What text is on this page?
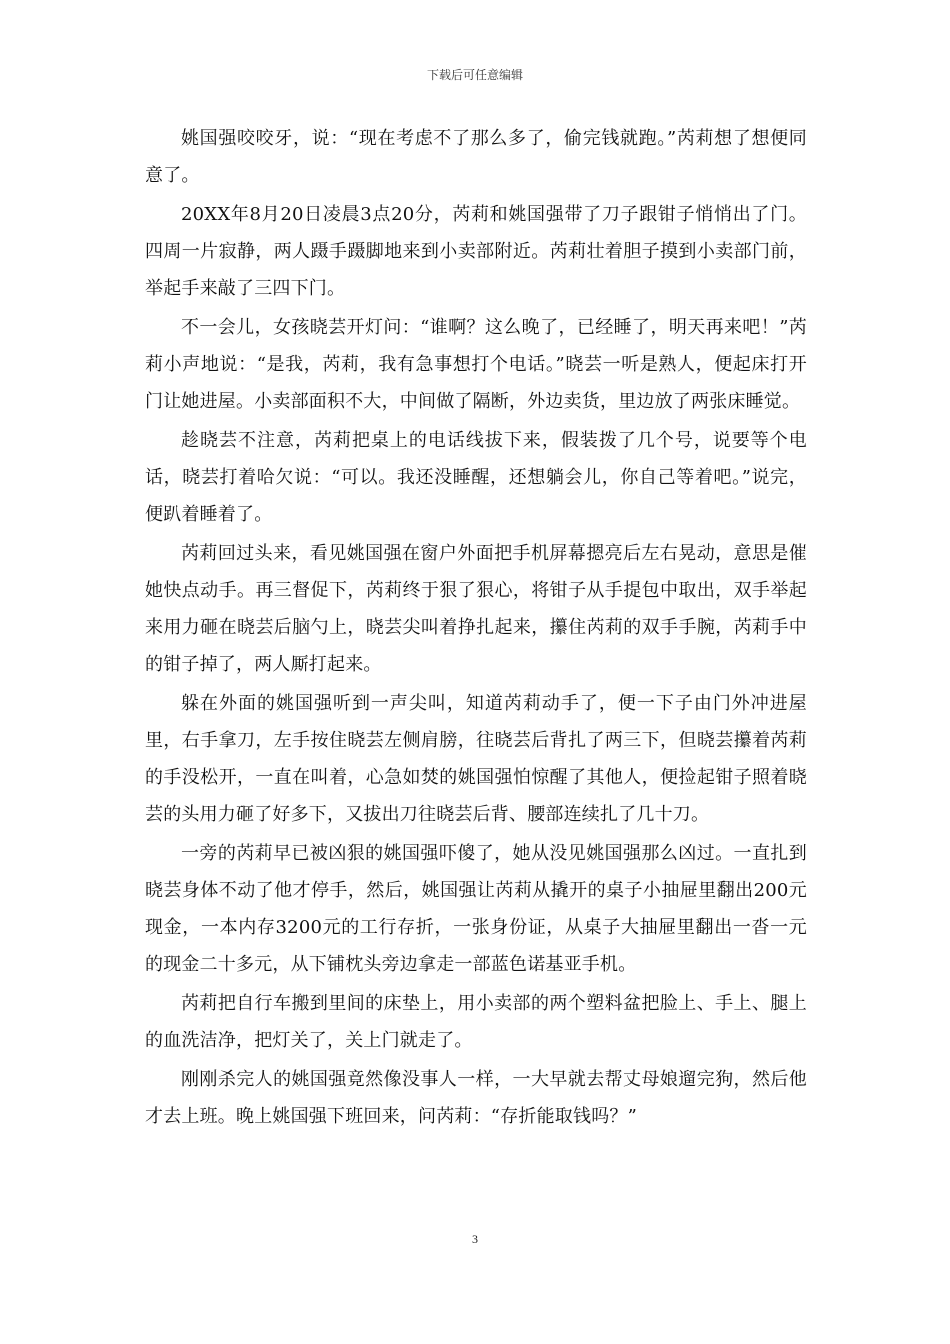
下载后可任意编辑

姚国强咬咬牙，说：“现在考虑不了那么多了，偷完钱就跑。”芮莉想了想便同意了。

20XX年8月20日凌晨3点20分，芮莉和姚国强带了刀子跟钳子悄悄出了门。四周一片寂静，两人蹑手蹑脚地来到小卖部附近。芮莉壮着胆子摸到小卖部门前，举起手来敲了三四下门。

不一会儿，女孩晓芸开灯问：“谁啊？这么晚了，已经睡了，明天再来吧！”芮莉小声地说：“是我，芮莉，我有急事想打个电话。”晓芸一听是熟人，便起床打开门让她进屋。小卖部面积不大，中间做了隔断，外边卖货，里边放了两张床睡觉。

趁晓芸不注意，芮莉把桌上的电话线拔下来，假装拨了几个号，说要等个电话，晓芸打着哈欠说：“可以。我还没睡醒，还想躺会儿，你自己等着吧。”说完，便趴着睡着了。

芮莉回过头来，看见姚国强在窗户外面把手机屏幕摁亮后左右晃动，意思是催她快点动手。再三督促下，芮莉终于狠了狠心，将钳子从手提包中取出，双手举起来用力砸在晓芸后脑勺上，晓芸尖叫着挣扎起来，攥住芮莉的双手手腕，芮莉手中的钳子掉了，两人厮打起来。

躲在外面的姚国强听到一声尖叫，知道芮莉动手了，便一下子由门外冲进屋里，右手拿刀，左手按住晓芸左侧肩膀，往晓芸后背扎了两三下，但晓芸攥着芮莉的手没松开，一直在叫着，心急如焚的姚国强怕惊醒了其他人，便捡起钳子照着晓芸的头用力砸了好多下，又拔出刀往晓芸后背、腰部连续扎了几十刀。

一旁的芮莉早已被凶狠的姚国强吓傻了，她从没见姚国强那么凶过。一直扎到晓芸身体不动了他才停手，然后，姚国强让芮莉从撬开的桌子小抽屉里翻出200元现金，一本内存3200元的工行存折，一张身份证，从桌子大抽屉里翻出一沓一元的现金二十多元，从下铺枕头旁边拿走一部蓝色诺基亚手机。

芮莉把自行车搬到里间的床垫上，用小卖部的两个塑料盆把脸上、手上、腿上的血洗洁净，把灯关了，关上门就走了。

刚刚杀完人的姚国强竟然像没事人一样，一大早就去帮丈母娘遛完狗，然后他才去上班。晚上姚国强下班回来，问芮莉：“存折能取钱吗？”

3
